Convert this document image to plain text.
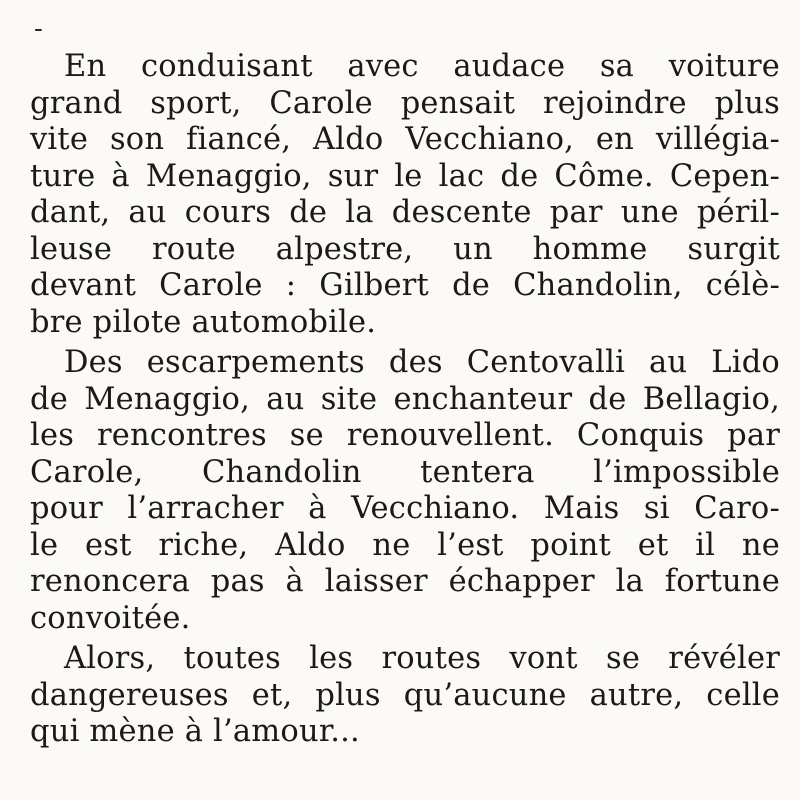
-
En conduisant avec audace sa voiture
grand sport, Carole pensait rejoindre plus
vite son fiancé, Aldo Vecchiano, en villégia-
ture à Menaggio, sur le lac de Côme. Cepen-
dant, au cours de la descente par une péril-
leuse route alpestre, un homme surgit
devant Carole : Gilbert de Chandolin, célè-
bre pilote automobile.
Des escarpements des Centovalli au Lido
de Menaggio, au site enchanteur de Bellagio,
les rencontres se renouvellent. Conquis par
Carole, Chandolin tentera l’impossible
pour l’arracher à Vecchiano. Mais si Caro-
le est riche, Aldo ne l’est point et il ne
renoncera pas à laisser échapper la fortune
convoitée.
Alors, toutes les routes vont se révéler
dangereuses et, plus qu’aucune autre, celle
qui mène à l’amour...
